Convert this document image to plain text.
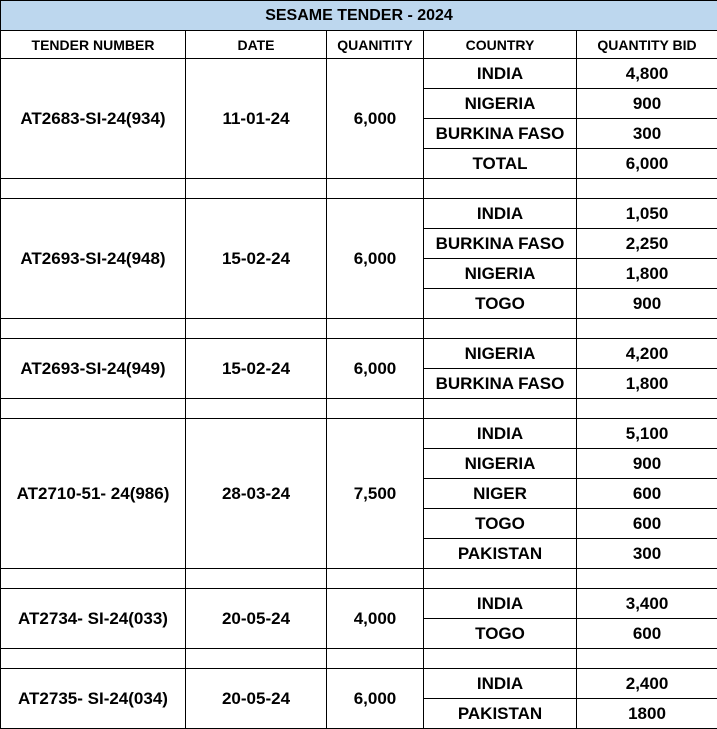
SESAME TENDER - 2024				
TENDER NUMBER	DATE	QUANITITY	COUNTRY	QUANTITY BID
AT2683-SI-24(934)	11-01-24	6,000	INDIA	4,800
			NIGERIA	900
			BURKINA FASO	300
			TOTAL	6,000

AT2693-SI-24(948)	15-02-24	6,000	INDIA	1,050
			BURKINA FASO	2,250
			NIGERIA	1,800
			TOGO	900

AT2693-SI-24(949)	15-02-24	6,000	NIGERIA	4,200
			BURKINA FASO	1,800

AT2710-51- 24(986)	28-03-24	7,500	INDIA	5,100
			NIGERIA	900
			NIGER	600
			TOGO	600
			PAKISTAN	300

AT2734- SI-24(033)	20-05-24	4,000	INDIA	3,400
			TOGO	600

AT2735- SI-24(034)	20-05-24	6,000	INDIA	2,400
			PAKISTAN	1800
